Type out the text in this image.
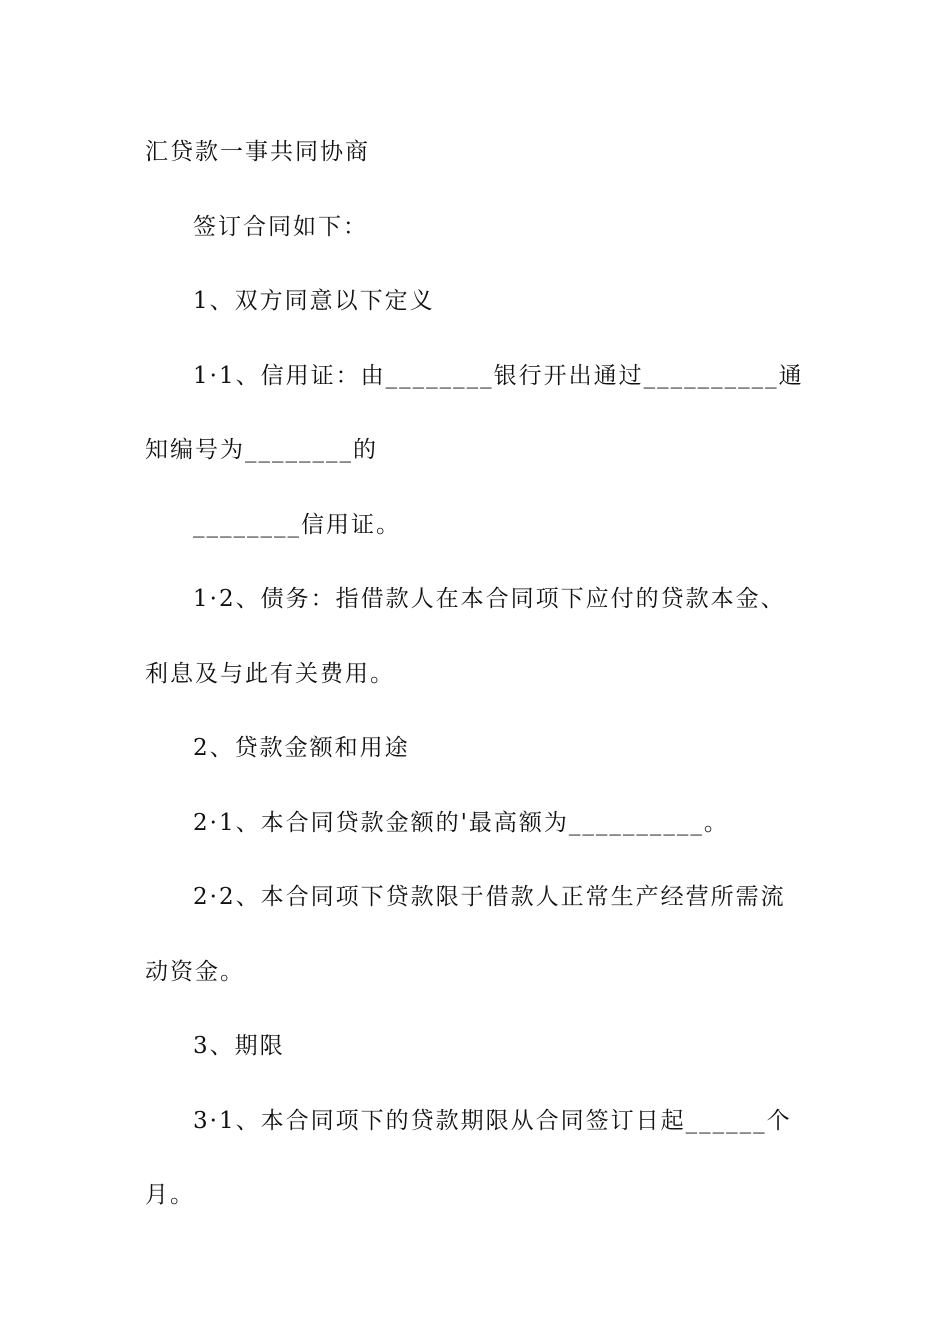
汇贷款一事共同协商
签订合同如下：
1、双方同意以下定义
1·1、信用证：由________银行开出通过__________通
知编号为________的
________信用证。
1·2、债务：指借款人在本合同项下应付的贷款本金、
利息及与此有关费用。
2、贷款金额和用途
2·1、本合同贷款金额的'最高额为__________。
2·2、本合同项下贷款限于借款人正常生产经营所需流
动资金。
3、期限
3·1、本合同项下的贷款期限从合同签订日起______个
月。
